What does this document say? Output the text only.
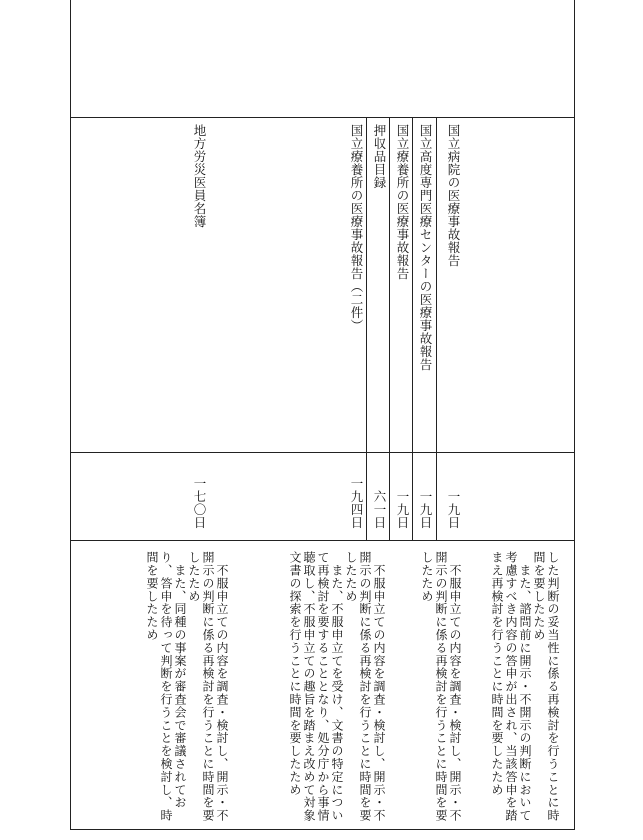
国立病院の医療事故報告
国立高度専門医療センターの医療事故報告
国立療養所の医療事故報告
押収品目録
国立療養所の医療事故報告（二件）
地方労災医員名簿
一九日
一九日
一九日
六一日
一九四日
一七〇日
した判断の妥当性に係る再検討を行うことに時
間を要したため
　また、諮問前に開示・不開示の判断において
考慮すべき内容の答申が出され、当該答申を踏
まえ再検討を行うことに時間を要したため
　不服申立ての内容を調査・検討し、開示・不
開示の判断に係る再検討を行うことに時間を要
したため
　不服申立ての内容を調査・検討し、開示・不
開示の判断に係る再検討を行うことに時間を要
したため
　また、不服申立てを受け、文書の特定につい
て再検討を要することとなり、処分庁から事情
聴取し、不服申立ての趣旨を踏まえ改めて対象
文書の探索を行うことに時間を要したため
　不服申立ての内容を調査・検討し、開示・不
開示の判断に係る再検討を行うことに時間を要
したため
　また、同種の事案が審査会で審議されてお
り、答申を待って判断を行うことを検討し、時
間を要したため
